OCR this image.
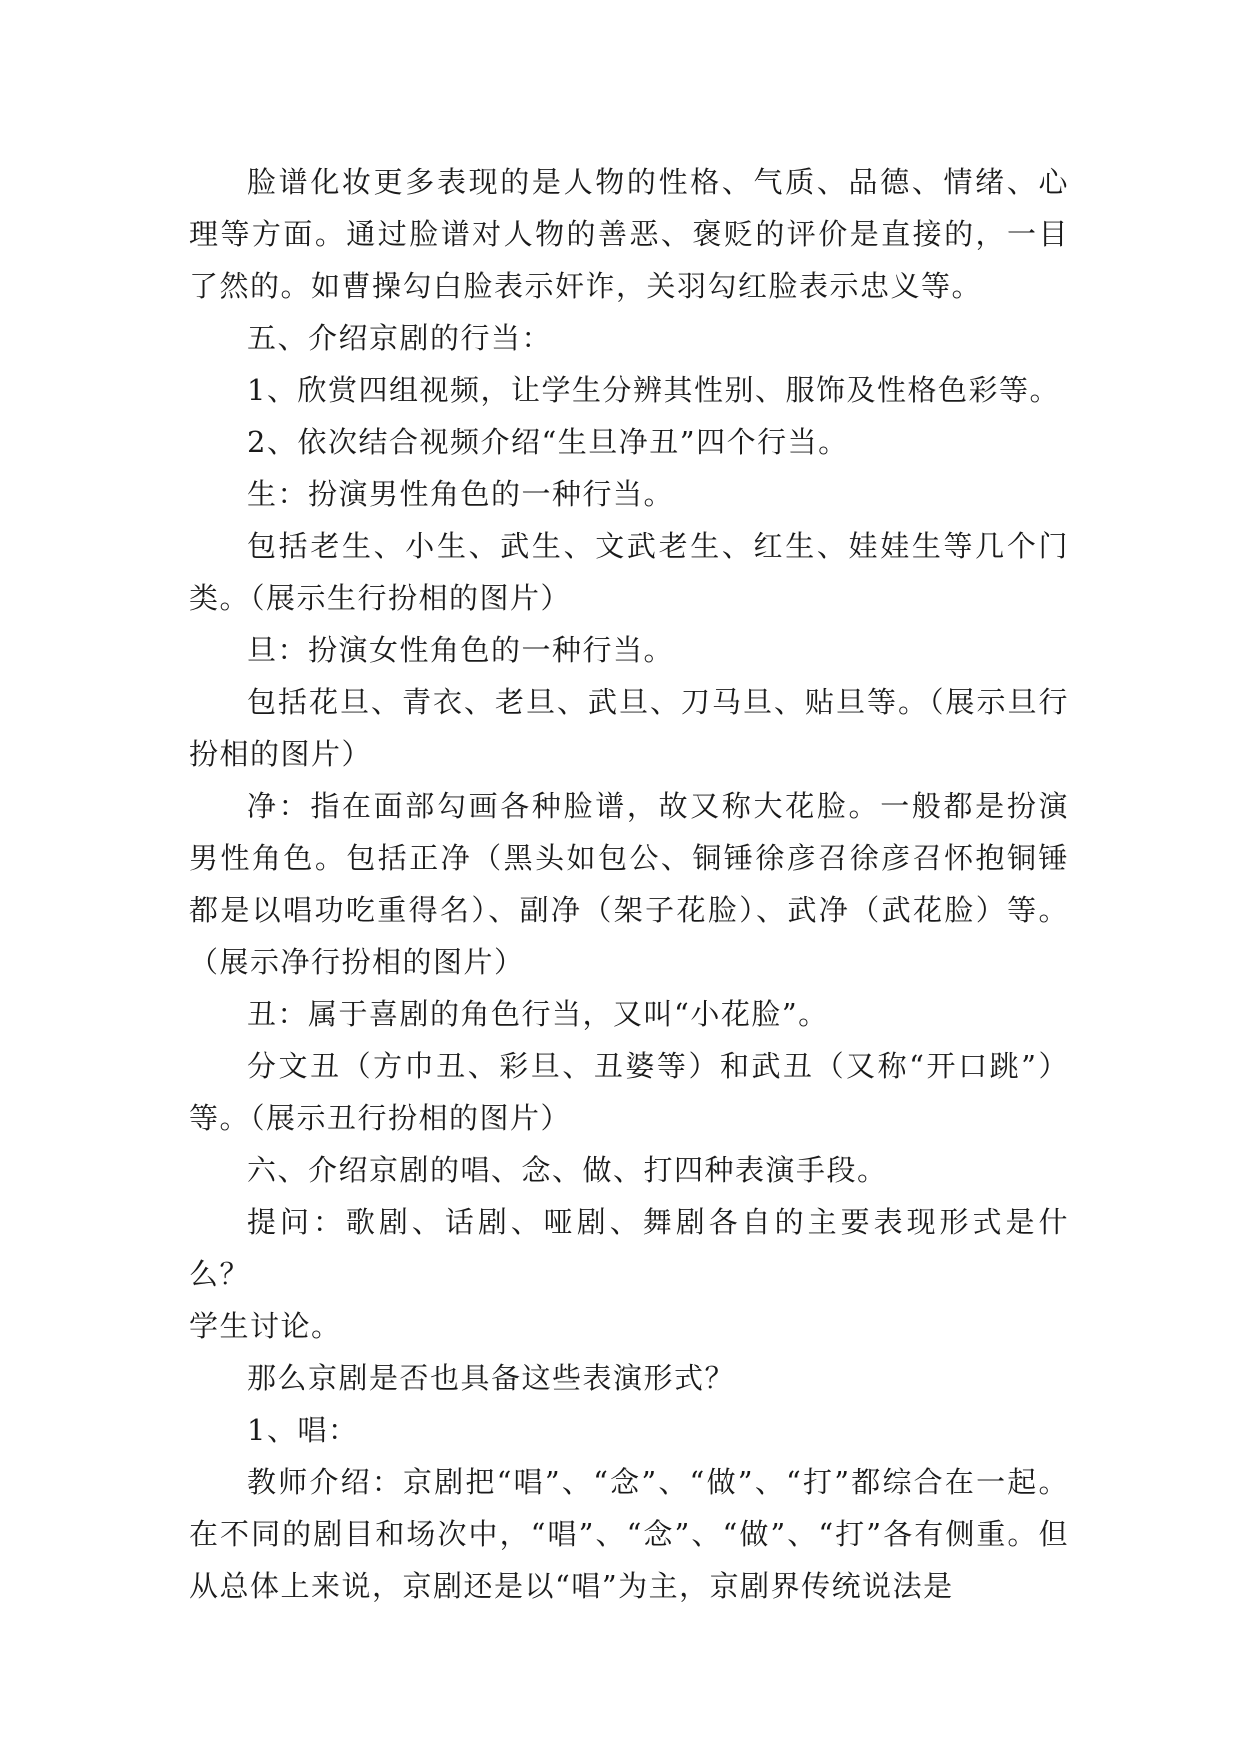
脸谱化妆更多表现的是人物的性格、气质、品德、情绪、心理等方面。通过脸谱对人物的善恶、褒贬的评价是直接的，一目了然的。如曹操勾白脸表示奸诈，关羽勾红脸表示忠义等。

五、介绍京剧的行当：

1、欣赏四组视频，让学生分辨其性别、服饰及性格色彩等。

2、依次结合视频介绍“生旦净丑”四个行当。

生：扮演男性角色的一种行当。

包括老生、小生、武生、文武老生、红生、娃娃生等几个门类。（展示生行扮相的图片）

旦：扮演女性角色的一种行当。

包括花旦、青衣、老旦、武旦、刀马旦、贴旦等。（展示旦行扮相的图片）

净：指在面部勾画各种脸谱，故又称大花脸。一般都是扮演男性角色。包括正净（黑头如包公、铜锤徐彦召徐彦召怀抱铜锤都是以唱功吃重得名）、副净（架子花脸）、武净（武花脸）等。（展示净行扮相的图片）

丑：属于喜剧的角色行当，又叫“小花脸”。

分文丑（方巾丑、彩旦、丑婆等）和武丑（又称“开口跳”）等。（展示丑行扮相的图片）

六、介绍京剧的唱、念、做、打四种表演手段。

提问：歌剧、话剧、哑剧、舞剧各自的主要表现形式是什么？

学生讨论。

那么京剧是否也具备这些表演形式？

1、唱：

教师介绍：京剧把“唱”、“念”、“做”、“打”都综合在一起。在不同的剧目和场次中，“唱”、“念”、“做”、“打”各有侧重。但从总体上来说，京剧还是以“唱”为主，京剧界传统说法是
